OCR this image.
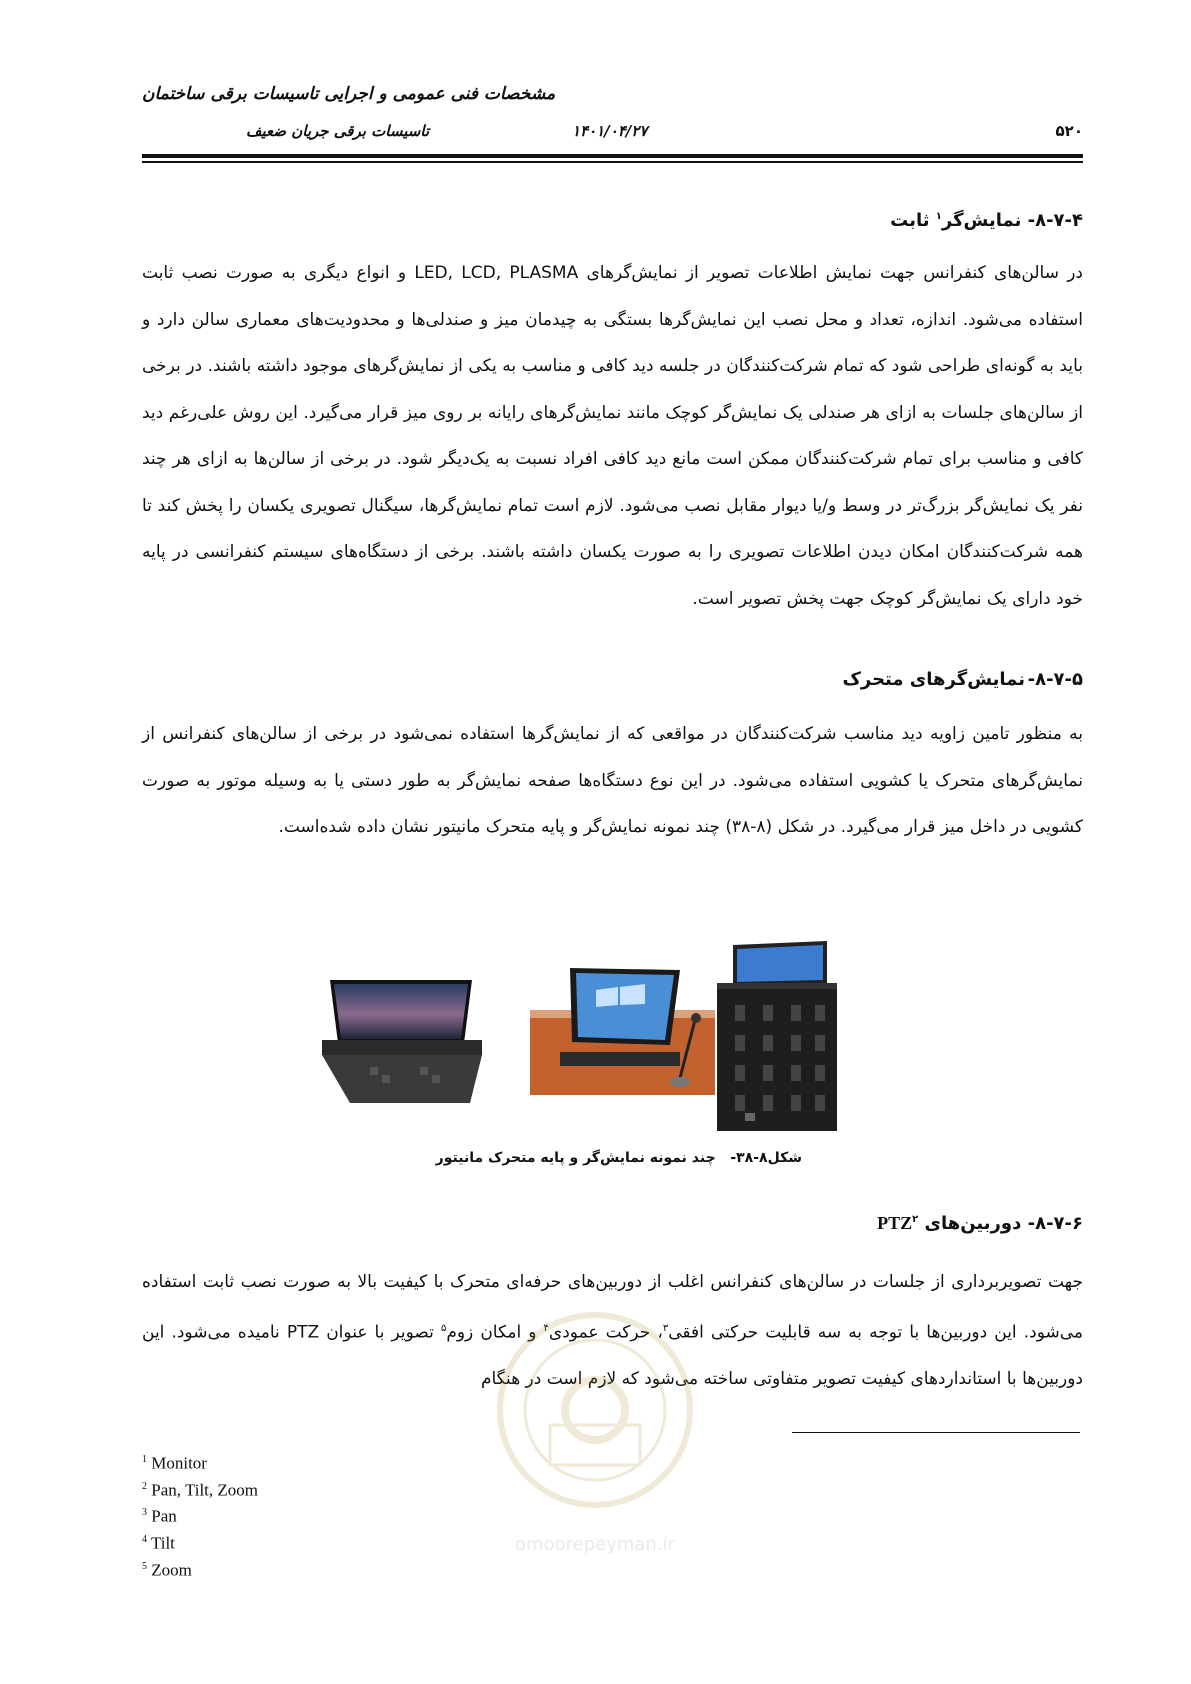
مشخصات فنی عمومی و اجرایی تاسیسات برقی ساختمان
تاسیسات برقی جریان ضعیف	۱۴۰۱/۰۴/۲۷	۵۲۰
۸-۷-۴- نمایش‌گر$^۱$ ثابت

در سالن‌های کنفرانس جهت نمایش اطلاعات تصویر از نمایش‌گرهای LED, LCD, PLASMA و انواع دیگری به صورت نصب ثابت استفاده می‌شود. اندازه، تعداد و محل نصب این نمایش‌گرها بستگی به چیدمان میز و صندلی‌ها و محدودیت‌های معماری سالن دارد و باید به گونه‌ای طراحی شود که تمام شرکت‌کنندگان در جلسه دید کافی و مناسب به یکی از نمایش‌گرهای موجود داشته باشند. در برخی از سالن‌های جلسات به ازای هر صندلی یک نمایش‌گر کوچک مانند نمایش‌گرهای رایانه بر روی میز قرار می‌گیرد. این روش علی‌رغم دید کافی و مناسب برای تمام شرکت‌کنندگان ممکن است مانع دید کافی افراد نسبت به یک‌دیگر شود. در برخی از سالن‌ها به ازای هر چند نفر یک نمایش‌گر بزرگ‌تر در وسط و/یا دیوار مقابل نصب می‌شود. لازم است تمام نمایش‌گرها، سیگنال تصویری یکسان را پخش کند تا همه شرکت‌کنندگان امکان دیدن اطلاعات تصویری را به صورت یکسان داشته باشند. برخی از دستگاه‌های سیستم کنفرانسی در پایه خود دارای یک نمایش‌گر کوچک جهت پخش تصویر است.

۸-۷-۵-
نمایش‌گرهای متحرک

به منظور تامین زاویه دید مناسب شرکت‌کنندگان در مواقعی که از نمایش‌گرها استفاده نمی‌شود در برخی از سالن‌های کنفرانس از نمایش‌گرهای متحرک یا کشویی استفاده می‌شود. در این نوع دستگاه‌ها صفحه نمایش‌گر به طور دستی یا به وسیله موتور به صورت کشویی در داخل میز قرار می‌گیرد. در شکل (۸-۳۸) چند نمونه نمایش‌گر و پایه متحرک مانیتور نشان داده شده‌است.

شکل۸-۳۸-   چند نمونه نمایش‌گر و پایه متحرک مانیتور
۸-۷-۶- دوربین‌های PTZ$^۲$

جهت تصویربرداری از جلسات در سالن‌های کنفرانس اغلب از دوربین‌های حرفه‌ای متحرک با کیفیت بالا به صورت نصب ثابت استفاده می‌شود. این دوربین‌ها با توجه به سه قابلیت حرکتی افقی$^۳$، حرکت عمودی$^۴$ و امکان زوم$^۵$ تصویر با عنوان PTZ نامیده می‌شود. این دوربین‌ها با استانداردهای کیفیت تصویر متفاوتی ساخته می‌شود که لازم است در هنگام

$^1$ Monitor
$^2$ Pan, Tilt, Zoom
$^3$ Pan
$^4$ Tilt
$^5$ Zoom
omoorepeyman.ir
